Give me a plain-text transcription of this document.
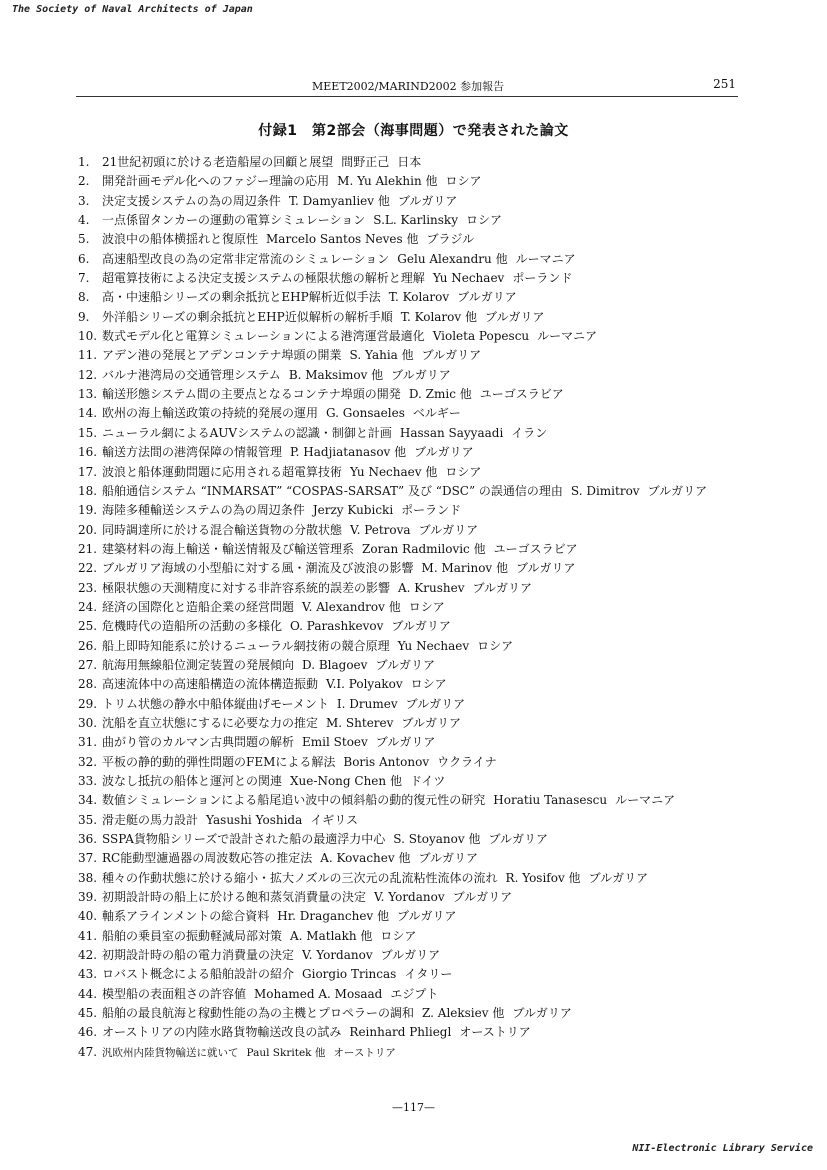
The Society of Naval Architects of Japan
MEET2002/MARIND2002 参加報告	251
付録1　第2部会（海事問題）で発表された論文
1. 21世紀初頭に於ける老造船屋の回顧と展望 間野正己 日本
2. 開発計画モデル化へのファジー理論の応用 M. Yu Alekhin 他 ロシア
3. 決定支援システムの為の周辺条件 T. Damyanliev 他 ブルガリア
4. 一点係留タンカーの運動の電算シミュレーション S.L. Karlinsky ロシア
5. 波浪中の船体横揺れと復原性 Marcelo Santos Neves 他 ブラジル
6. 高速船型改良の為の定常非定常流のシミュレーション Gelu Alexandru 他 ルーマニア
7. 超電算技術による決定支援システムの極限状態の解析と理解 Yu Nechaev ポーランド
8. 高・中速船シリーズの剰余抵抗とEHP解析近似手法 T. Kolarov ブルガリア
9. 外洋船シリーズの剰余抵抗とEHP近似解析の解析手順 T. Kolarov 他 ブルガリア
10. 数式モデル化と電算シミュレーションによる港湾運営最適化 Violeta Popescu ルーマニア
11. アデン港の発展とアデンコンテナ埠頭の開業 S. Yahia 他 ブルガリア
12. バルナ港湾局の交通管理システム B. Maksimov 他 ブルガリア
13. 輸送形態システム間の主要点となるコンテナ埠頭の開発 D. Zmic 他 ユーゴスラビア
14. 欧州の海上輸送政策の持続的発展の運用 G. Gonsaeles ベルギー
15. ニューラル網によるAUVシステムの認識・制御と計画 Hassan Sayyaadi イラン
16. 輸送方法間の港湾保障の情報管理 P. Hadjiatanasov 他 ブルガリア
17. 波浪と船体運動問題に応用される超電算技術 Yu Nechaev 他 ロシア
18. 船舶通信システム “INMARSAT” “COSPAS-SARSAT” 及び “DSC” の誤通信の理由 S. Dimitrov ブルガリア
19. 海陸多種輸送システムの為の周辺条件 Jerzy Kubicki ポーランド
20. 同時調達所に於ける混合輸送貨物の分散状態 V. Petrova ブルガリア
21. 建築材料の海上輸送・輸送情報及び輸送管理系 Zoran Radmilovic 他 ユーゴスラビア
22. ブルガリア海域の小型船に対する風・潮流及び波浪の影響 M. Marinov 他 ブルガリア
23. 極限状態の天測精度に対する非許容系統的誤差の影響 A. Krushev ブルガリア
24. 経済の国際化と造船企業の経営問題 V. Alexandrov 他 ロシア
25. 危機時代の造船所の活動の多様化 O. Parashkevov ブルガリア
26. 船上即時知能系に於けるニューラル網技術の競合原理 Yu Nechaev ロシア
27. 航海用無線船位測定装置の発展傾向 D. Blagoev ブルガリア
28. 高速流体中の高速船構造の流体構造振動 V.I. Polyakov ロシア
29. トリム状態の静水中船体縦曲げモーメント I. Drumev ブルガリア
30. 沈船を直立状態にするに必要な力の推定 M. Shterev ブルガリア
31. 曲がり管のカルマン古典問題の解析 Emil Stoev ブルガリア
32. 平板の静的動的弾性問題のFEMによる解法 Boris Antonov ウクライナ
33. 波なし抵抗の船体と運河との関連 Xue-Nong Chen 他 ドイツ
34. 数値シミュレーションによる船尾追い波中の傾斜船の動的復元性の研究 Horatiu Tanasescu ルーマニア
35. 滑走艇の馬力設計 Yasushi Yoshida イギリス
36. SSPA貨物船シリーズで設計された船の最適浮力中心 S. Stoyanov 他 ブルガリア
37. RC能動型濾過器の周波数応答の推定法 A. Kovachev 他 ブルガリア
38. 種々の作動状態に於ける縮小・拡大ノズルの三次元の乱流粘性流体の流れ R. Yosifov 他 ブルガリア
39. 初期設計時の船上に於ける飽和蒸気消費量の決定 V. Yordanov ブルガリア
40. 軸系アラインメントの総合資料 Hr. Draganchev 他 ブルガリア
41. 船舶の乗員室の振動軽減局部対策 A. Matlakh 他 ロシア
42. 初期設計時の船の電力消費量の決定 V. Yordanov ブルガリア
43. ロバスト概念による船舶設計の紹介 Giorgio Trincas イタリー
44. 模型船の表面粗さの許容値 Mohamed A. Mosaad エジプト
45. 船舶の最良航海と稼動性能の為の主機とプロペラーの調和 Z. Aleksiev 他 ブルガリア
46. オーストリアの内陸水路貨物輸送改良の試み Reinhard Phliegl オーストリア
47. 汎欧州内陸貨物輸送に就いて Paul Skritek 他 オーストリア
—117—
NII-Electronic Library Service
